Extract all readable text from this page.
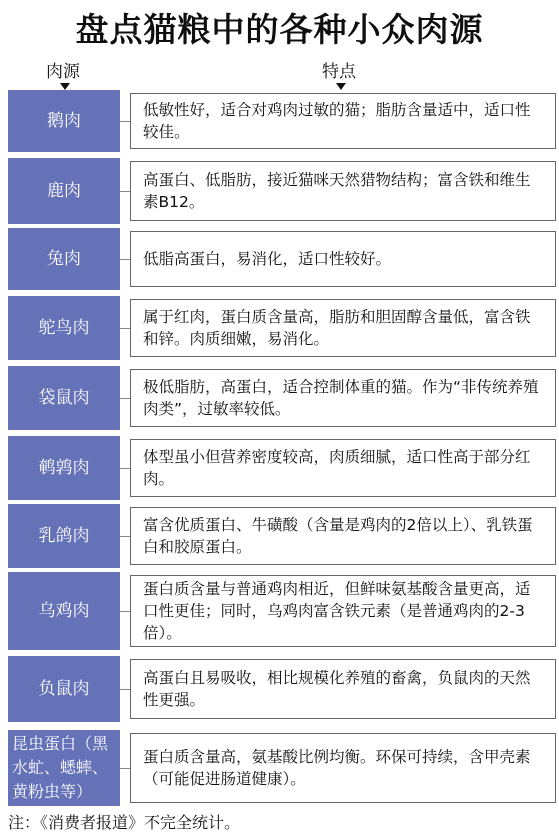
盘点猫粮中的各种小众肉源
肉源	特点
鹅肉
低敏性好，适合对鸡肉过敏的猫；脂肪含量适中，适口性较佳。
鹿肉
高蛋白、低脂肪，接近猫咪天然猎物结构；富含铁和维生素B12。
兔肉	低脂高蛋白，易消化，适口性较好。
鸵鸟肉
属于红肉，蛋白质含量高，脂肪和胆固醇含量低，富含铁和锌。肉质细嫩，易消化。
袋鼠肉
极低脂肪，高蛋白，适合控制体重的猫。作为“非传统养殖肉类”，过敏率较低。
鹌鹑肉
体型虽小但营养密度较高，肉质细腻，适口性高于部分红肉。
乳鸽肉
富含优质蛋白、牛磺酸（含量是鸡肉的2倍以上）、乳铁蛋白和胶原蛋白。
乌鸡肉
蛋白质含量与普通鸡肉相近，但鲜味氨基酸含量更高，适口性更佳；同时，乌鸡肉富含铁元素（是普通鸡肉的2-3倍）。
负鼠肉
高蛋白且易吸收，相比规模化养殖的畜禽，负鼠肉的天然性更强。
昆虫蛋白（黑水虻、蟋蟀、黄粉虫等）
蛋白质含量高，氨基酸比例均衡。环保可持续，含甲壳素（可能促进肠道健康）。
注：《消费者报道》不完全统计。
